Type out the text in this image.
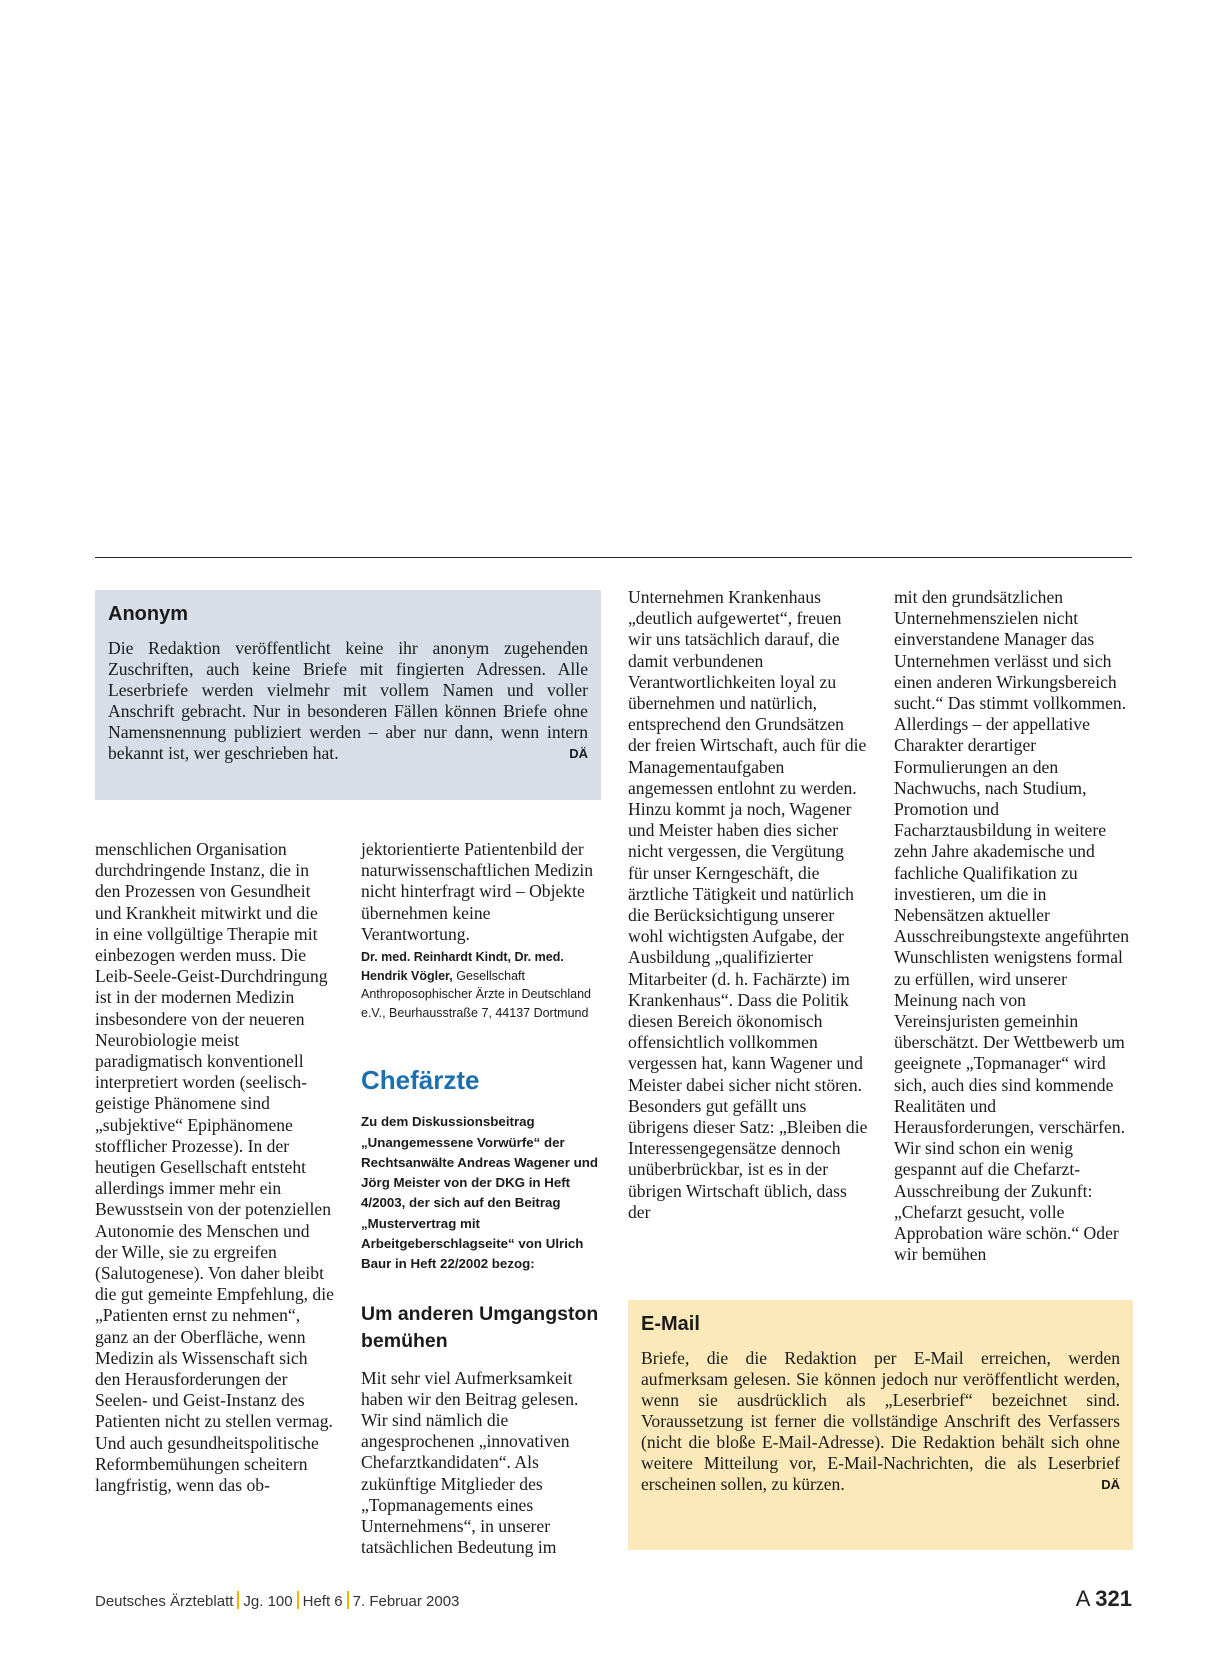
Anonym

Die Redaktion veröffentlicht keine ihr anonym zugehenden Zuschriften, auch keine Briefe mit fingierten Adressen. Alle Leserbriefe werden vielmehr mit vollem Namen und voller Anschrift gebracht. Nur in besonderen Fällen können Briefe ohne Namensnennung publiziert werden – aber nur dann, wenn intern bekannt ist, wer geschrieben hat.	DÄ

menschlichen Organisation durchdringende Instanz, die in den Prozessen von Gesundheit und Krankheit mitwirkt und die in eine vollgültige Therapie mit einbezogen werden muss. Die Leib-Seele-Geist-Durchdringung ist in der modernen Medizin insbesondere von der neueren Neurobiologie meist paradigmatisch konventionell interpretiert worden (seelisch-geistige Phänomene sind „subjektive“ Epiphänomene stofflicher Prozesse). In der heutigen Gesellschaft entsteht allerdings immer mehr ein Bewusstsein von der potenziellen Autonomie des Menschen und der Wille, sie zu ergreifen (Salutogenese). Von daher bleibt die gut gemeinte Empfehlung, die „Patienten ernst zu nehmen“, ganz an der Oberfläche, wenn Medizin als Wissenschaft sich den Herausforderungen der Seelen- und Geist-Instanz des Patienten nicht zu stellen vermag. Und auch gesundheitspolitische Reformbemühungen scheitern langfristig, wenn das ob-

jektorientierte Patientenbild der naturwissenschaftlichen Medizin nicht hinterfragt wird – Objekte übernehmen keine Verantwortung.

Dr. med. Reinhardt Kindt, Dr. med. Hendrik Vögler, Gesellschaft Anthroposophischer Ärzte in Deutschland e.V., Beurhausstraße 7, 44137 Dortmund

Chefärzte

Zu dem Diskussionsbeitrag „Unangemessene Vorwürfe“ der Rechtsanwälte Andreas Wagener und Jörg Meister von der DKG in Heft 4/2003, der sich auf den Beitrag „Mustervertrag mit Arbeitgeberschlagseite“ von Ulrich Baur in Heft 22/2002 bezog:

Um anderen Umgangston bemühen

Mit sehr viel Aufmerksamkeit haben wir den Beitrag gelesen. Wir sind nämlich die angesprochenen „innovativen Chefarztkandidaten“. Als zukünftige Mitglieder des „Topmanagements eines Unternehmens“, in unserer tatsächlichen Bedeutung im

Unternehmen Krankenhaus „deutlich aufgewertet“, freuen wir uns tatsächlich darauf, die damit verbundenen Verantwortlichkeiten loyal zu übernehmen und natürlich, entsprechend den Grundsätzen der freien Wirtschaft, auch für die Managementaufgaben angemessen entlohnt zu werden. Hinzu kommt ja noch, Wagener und Meister haben dies sicher nicht vergessen, die Vergütung für unser Kerngeschäft, die ärztliche Tätigkeit und natürlich die Berücksichtigung unserer wohl wichtigsten Aufgabe, der Ausbildung „qualifizierter Mitarbeiter (d. h. Fachärzte) im Krankenhaus“. Dass die Politik diesen Bereich ökonomisch offensichtlich vollkommen vergessen hat, kann Wagener und Meister dabei sicher nicht stören. Besonders gut gefällt uns übrigens dieser Satz: „Bleiben die Interessengegensätze dennoch unüberbrückbar, ist es in der übrigen Wirtschaft üblich, dass der

mit den grundsätzlichen Unternehmenszielen nicht einverstandene Manager das Unternehmen verlässt und sich einen anderen Wirkungsbereich sucht.“ Das stimmt vollkommen. Allerdings – der appellative Charakter derartiger Formulierungen an den Nachwuchs, nach Studium, Promotion und Facharztausbildung in weitere zehn Jahre akademische und fachliche Qualifikation zu investieren, um die in Nebensätzen aktueller Ausschreibungstexte angeführten Wunschlisten wenigstens formal zu erfüllen, wird unserer Meinung nach von Vereinsjuristen gemeinhin überschätzt. Der Wettbewerb um geeignete „Topmanager“ wird sich, auch dies sind kommende Realitäten und Herausforderungen, verschärfen. Wir sind schon ein wenig gespannt auf die Chefarzt-Ausschreibung der Zukunft: „Chefarzt gesucht, volle Approbation wäre schön.“ Oder wir bemühen

E-Mail

Briefe, die die Redaktion per E-Mail erreichen, werden aufmerksam gelesen. Sie können jedoch nur veröffentlicht werden, wenn sie ausdrücklich als „Leserbrief“ bezeichnet sind. Voraussetzung ist ferner die vollständige Anschrift des Verfassers (nicht die bloße E-Mail-Adresse). Die Redaktion behält sich ohne weitere Mitteilung vor, E-Mail-Nachrichten, die als Leserbrief erscheinen sollen, zu kürzen.	DÄ
Deutsches Ärzteblatt Jg. 100 Heft 6 7. Februar 2003	A 321
